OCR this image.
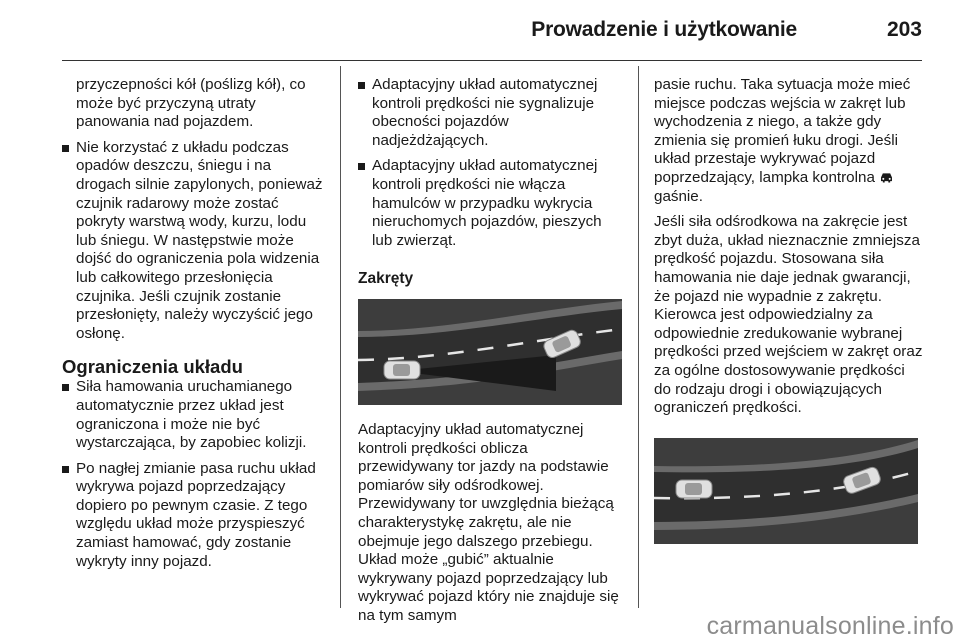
Prowadzenie i użytkowanie	203

przyczepności kół (poślizg kół), co może być przyczyną utraty panowania nad pojazdem.

Nie korzystać z układu podczas opadów deszczu, śniegu i na drogach silnie zapylonych, ponieważ czujnik radarowy może zostać pokryty warstwą wody, kurzu, lodu lub śniegu. W następstwie może dojść do ograniczenia pola widzenia lub całkowitego przesłonięcia czujnika. Jeśli czujnik zostanie przesłonięty, należy wyczyścić jego osłonę.

Ograniczenia układu

Siła hamowania uruchamianego automatycznie przez układ jest ograniczona i może nie być wystarczająca, by zapobiec kolizji.

Po nagłej zmianie pasa ruchu układ wykrywa pojazd poprzedzający dopiero po pewnym czasie. Z tego względu układ może przyspieszyć zamiast hamować, gdy zostanie wykryty inny pojazd.

Adaptacyjny układ automatycznej kontroli prędkości nie sygnalizuje obecności pojazdów nadjeżdżających.

Adaptacyjny układ automatycznej kontroli prędkości nie włącza hamulców w przypadku wykrycia nieruchomych pojazdów, pieszych lub zwierząt.

Zakręty

Adaptacyjny układ automatycznej kontroli prędkości oblicza przewidywany tor jazdy na podstawie pomiarów siły odśrodkowej. Przewidywany tor uwzględnia bieżącą charakterystykę zakrętu, ale nie obejmuje jego dalszego przebiegu. Układ może „gubić” aktualnie wykrywany pojazd poprzedzający lub wykrywać pojazd który nie znajduje się na tym samym

pasie ruchu. Taka sytuacja może mieć miejsce podczas wejścia w zakręt lub wychodzenia z niego, a także gdy zmienia się promień łuku drogi. Jeśli układ przestaje wykrywać pojazd poprzedzający, lampka kontrolna  gaśnie.

Jeśli siła odśrodkowa na zakręcie jest zbyt duża, układ nieznacznie zmniejsza prędkość pojazdu. Stosowana siła hamowania nie daje jednak gwarancji, że pojazd nie wypadnie z zakrętu. Kierowca jest odpowiedzialny za odpowiednie zredukowanie wybranej prędkości przed wejściem w zakręt oraz za ogólne dostosowywanie prędkości do rodzaju drogi i obowiązujących ograniczeń prędkości.

carmanualsonline.info
